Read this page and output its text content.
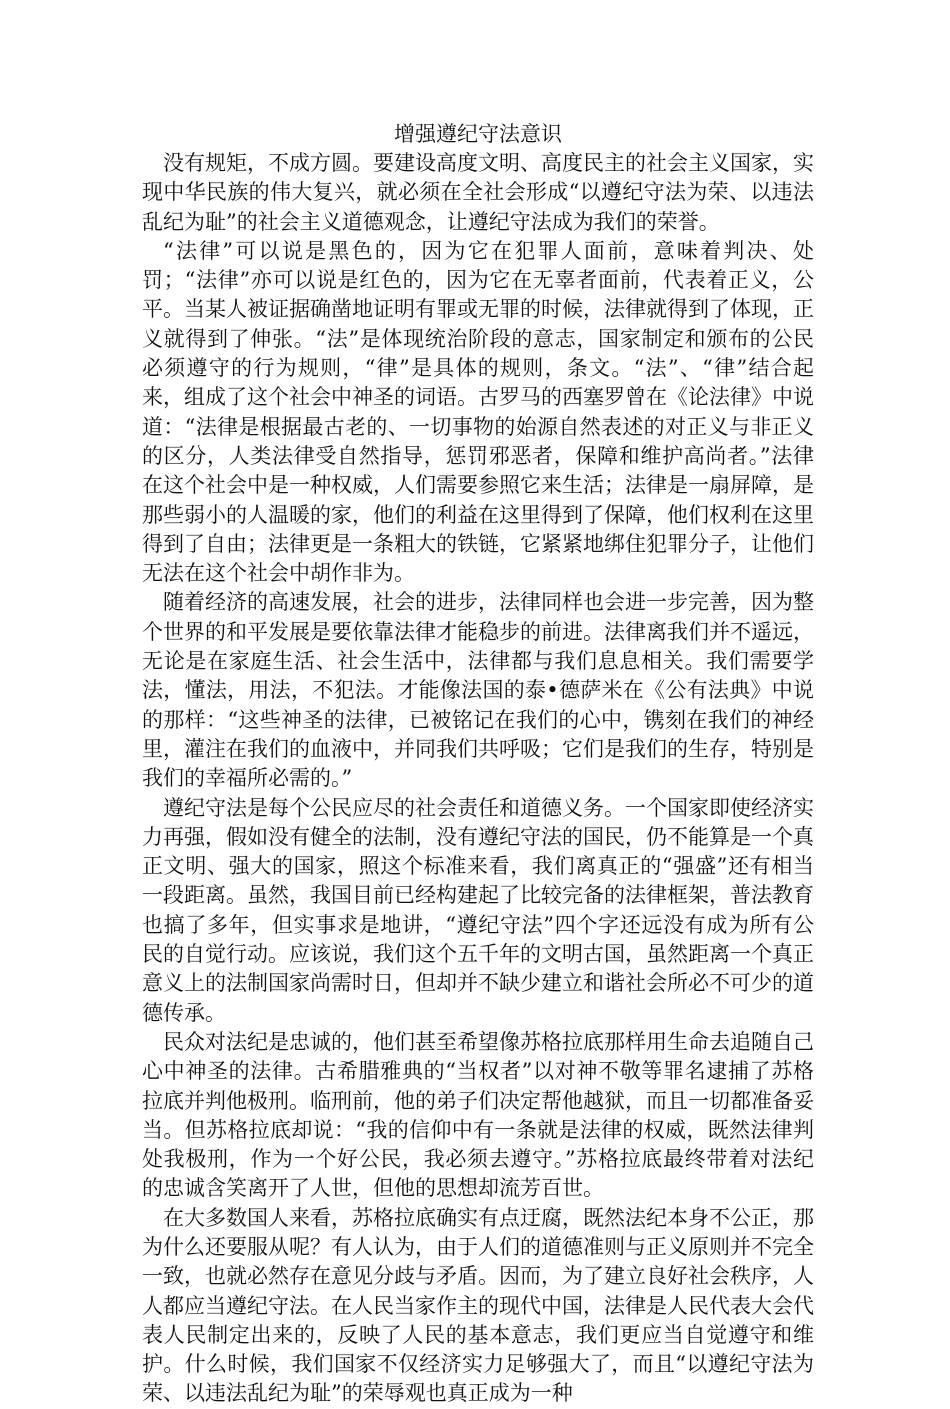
增强遵纪守法意识

没有规矩，不成方圆。要建设高度文明、高度民主的社会主义国家，实现中华民族的伟大复兴，就必须在全社会形成“以遵纪守法为荣、以违法乱纪为耻”的社会主义道德观念，让遵纪守法成为我们的荣誉。

“法律”可以说是黑色的，因为它在犯罪人面前，意味着判决、处罚；“法律”亦可以说是红色的，因为它在无辜者面前，代表着正义，公平。当某人被证据确凿地证明有罪或无罪的时候，法律就得到了体现，正义就得到了伸张。“法”是体现统治阶段的意志，国家制定和颁布的公民必须遵守的行为规则，“律”是具体的规则，条文。“法”、“律”结合起来，组成了这个社会中神圣的词语。古罗马的西塞罗曾在《论法律》中说道：“法律是根据最古老的、一切事物的始源自然表述的对正义与非正义的区分，人类法律受自然指导，惩罚邪恶者，保障和维护高尚者。”法律在这个社会中是一种权威，人们需要参照它来生活；法律是一扇屏障，是那些弱小的人温暖的家，他们的利益在这里得到了保障，他们权利在这里得到了自由；法律更是一条粗大的铁链，它紧紧地绑住犯罪分子，让他们无法在这个社会中胡作非为。

随着经济的高速发展，社会的进步，法律同样也会进一步完善，因为整个世界的和平发展是要依靠法律才能稳步的前进。法律离我们并不遥远，无论是在家庭生活、社会生活中，法律都与我们息息相关。我们需要学法，懂法，用法，不犯法。才能像法国的泰•德萨米在《公有法典》中说的那样：“这些神圣的法律，已被铭记在我们的心中，镌刻在我们的神经里，灌注在我们的血液中，并同我们共呼吸；它们是我们的生存，特别是我们的幸福所必需的。”

遵纪守法是每个公民应尽的社会责任和道德义务。一个国家即使经济实力再强，假如没有健全的法制，没有遵纪守法的国民，仍不能算是一个真正文明、强大的国家，照这个标准来看，我们离真正的“强盛”还有相当一段距离。虽然，我国目前已经构建起了比较完备的法律框架，普法教育也搞了多年，但实事求是地讲，“遵纪守法”四个字还远没有成为所有公民的自觉行动。应该说，我们这个五千年的文明古国，虽然距离一个真正意义上的法制国家尚需时日，但却并不缺少建立和谐社会所必不可少的道德传承。

民众对法纪是忠诚的，他们甚至希望像苏格拉底那样用生命去追随自己心中神圣的法律。古希腊雅典的“当权者”以对神不敬等罪名逮捕了苏格拉底并判他极刑。临刑前，他的弟子们决定帮他越狱，而且一切都准备妥当。但苏格拉底却说：“我的信仰中有一条就是法律的权威，既然法律判处我极刑，作为一个好公民，我必须去遵守。”苏格拉底最终带着对法纪的忠诚含笑离开了人世，但他的思想却流芳百世。

在大多数国人来看，苏格拉底确实有点迂腐，既然法纪本身不公正，那为什么还要服从呢？有人认为，由于人们的道德准则与正义原则并不完全一致，也就必然存在意见分歧与矛盾。因而，为了建立良好社会秩序，人人都应当遵纪守法。在人民当家作主的现代中国，法律是人民代表大会代表人民制定出来的，反映了人民的基本意志，我们更应当自觉遵守和维护。什么时候，我们国家不仅经济实力足够强大了，而且“以遵纪守法为荣、以违法乱纪为耻”的荣辱观也真正成为一种
